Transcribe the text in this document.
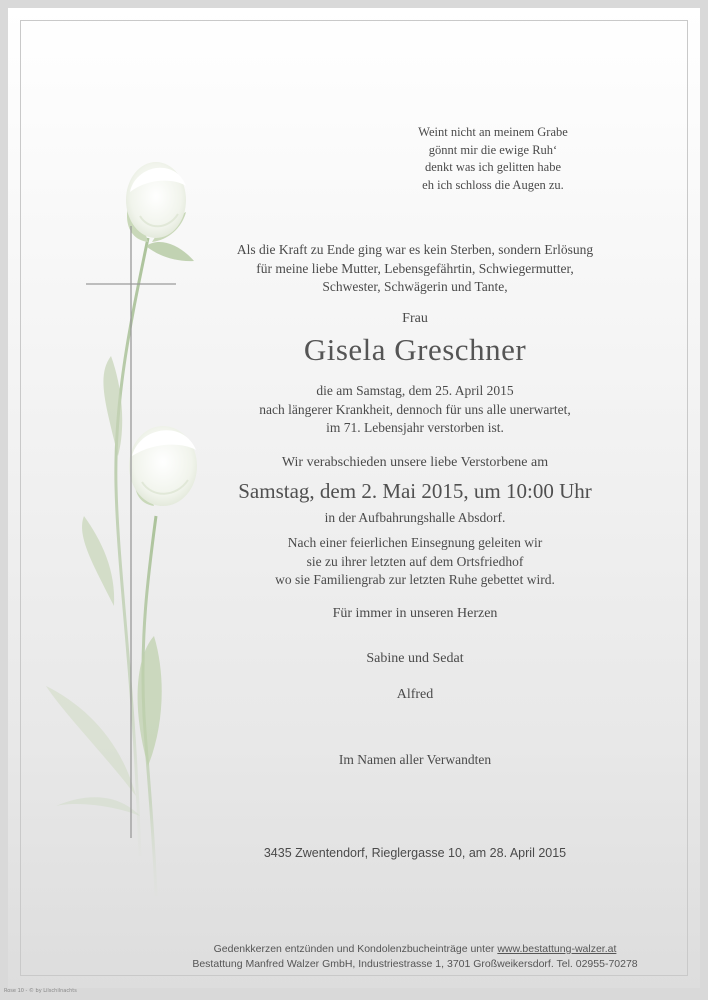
Weint nicht an meinem Grabe
gönnt mir die ewige Ruh‘
denkt was ich gelitten habe
eh ich schloss die Augen zu.
Als die Kraft zu Ende ging war es kein Sterben, sondern Erlösung
für meine liebe Mutter, Lebensgefährtin, Schwiegermutter,
Schwester, Schwägerin und Tante,
Frau
Gisela Greschner
die am Samstag, dem 25. April 2015
nach längerer Krankheit, dennoch für uns alle unerwartet,
im 71. Lebensjahr verstorben ist.
Wir verabschieden unsere liebe Verstorbene am
Samstag, dem 2. Mai 2015, um 10:00 Uhr
in der Aufbahrungshalle Absdorf.
Nach einer feierlichen Einsegnung geleiten wir
sie zu ihrer letzten auf dem Ortsfriedhof
wo sie Familiengrab zur letzten Ruhe gebettet wird.
Für immer in unseren Herzen
Sabine und Sedat
Alfred
Im Namen aller Verwandten
3435 Zwentendorf, Rieglergasse 10, am 28. April 2015
Gedenkkerzen entzünden und Kondolenzbucheinträge unter www.bestattung-walzer.at
Bestattung Manfred Walzer GmbH, Industriestrasse 1, 3701 Großweikersdorf. Tel. 02955-70278
Rose 10 - © by Lilschilnachts
